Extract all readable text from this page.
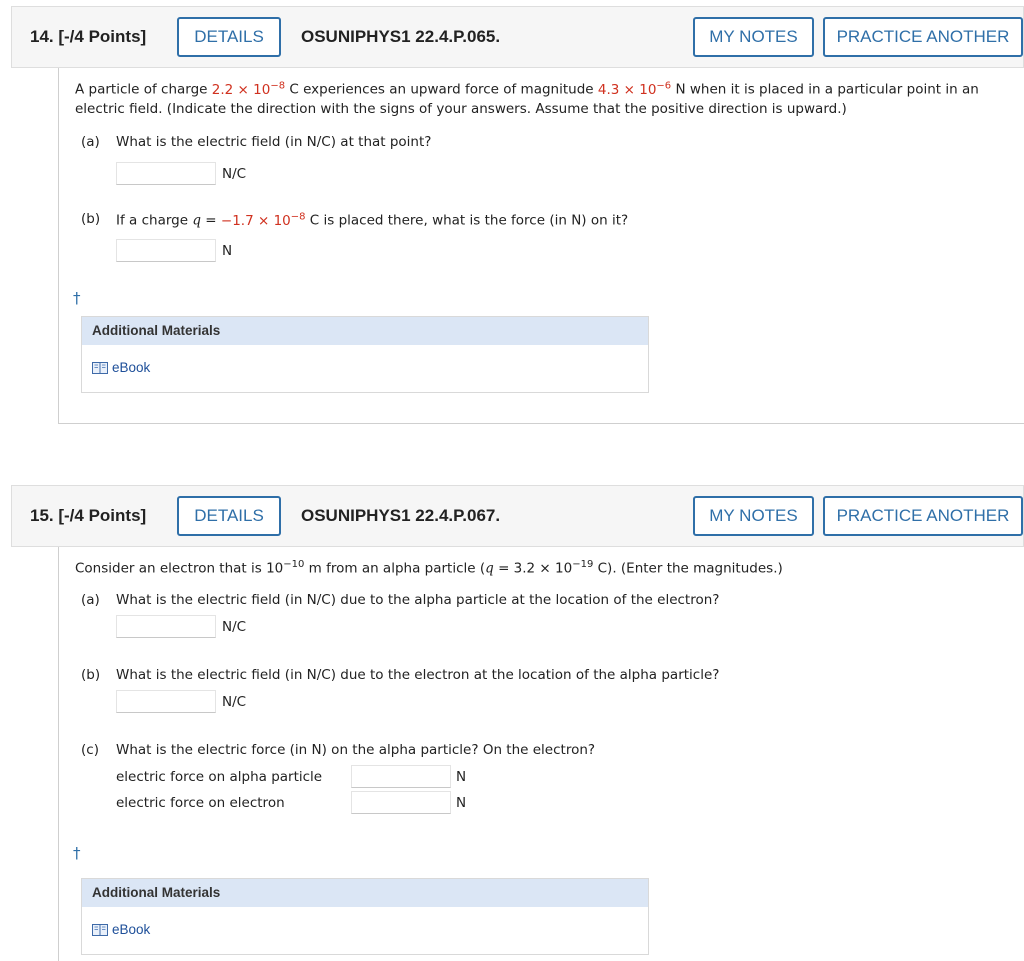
14. [-/4 Points]	DETAILS	OSUNIPHYS1 22.4.P.065.	MY NOTES	PRACTICE ANOTHER
A particle of charge $2.2 \times 10^{-8}$ C experiences an upward force of magnitude $4.3 \times 10^{-6}$ N when it is placed in a particular point in an
electric field. (Indicate the direction with the signs of your answers. Assume that the positive direction is upward.)
(a) What is the electric field (in N/C) at that point?
N/C
(b) If a charge $q = -1.7 \times 10^{-8}$ C is placed there, what is the force (in N) on it?
N
†
Additional Materials
eBook
15. [-/4 Points]	DETAILS	OSUNIPHYS1 22.4.P.067.	MY NOTES	PRACTICE ANOTHER
Consider an electron that is $10^{-10}$ m from an alpha particle ($q = 3.2 \times 10^{-19}$ C). (Enter the magnitudes.)
(a) What is the electric field (in N/C) due to the alpha particle at the location of the electron?
N/C
(b) What is the electric field (in N/C) due to the electron at the location of the alpha particle?
N/C
(c) What is the electric force (in N) on the alpha particle? On the electron?
electric force on alpha particle	N
electric force on electron	N
†
Additional Materials
eBook
